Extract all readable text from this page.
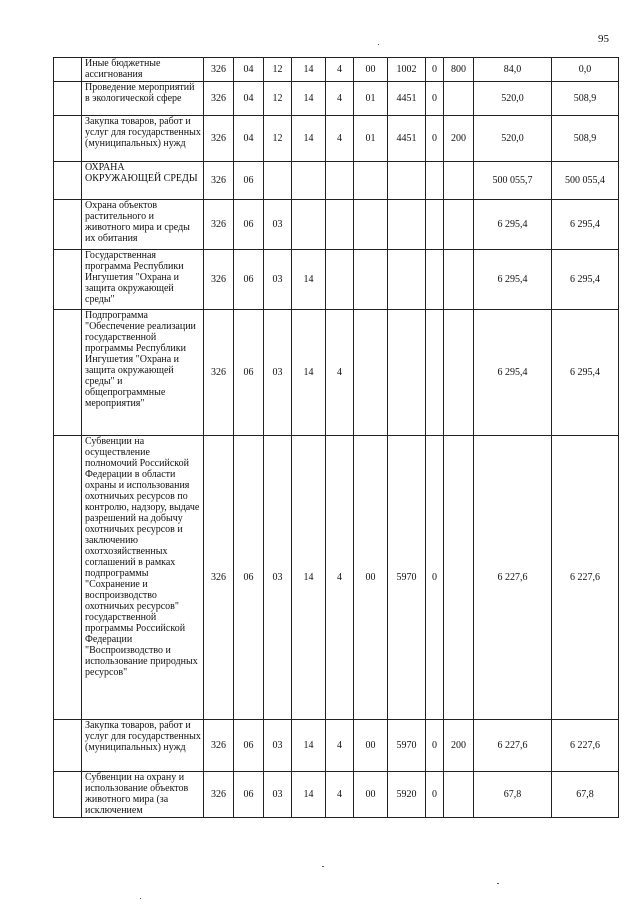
95
	Иные бюджетные ассигнования	326	04	12	14	4	00	1002	0	800	84,0	0,0
	Проведение мероприятий в экологической сфере	326	04	12	14	4	01	4451	0		520,0	508,9
	Закупка товаров, работ и услуг для государственных (муниципальных) нужд	326	04	12	14	4	01	4451	0	200	520,0	508,9
	ОХРАНА ОКРУЖАЮЩЕЙ СРЕДЫ	326	06								500 055,7	500 055,4
	Охрана объектов растительного и животного мира и среды их обитания	326	06	03							6 295,4	6 295,4
	Государственная программа Республики Ингушетия "Охрана и защита окружающей среды"	326	06	03	14						6 295,4	6 295,4
	Подпрограмма "Обеспечение реализации государственной программы Республики Ингушетия "Охрана и защита окружающей среды" и общепрограммные мероприятия"	326	06	03	14	4					6 295,4	6 295,4
	Субвенции на осуществление полномочий Российской Федерации в области охраны и использования охотничьих ресурсов по контролю, надзору, выдаче разрешений на добычу охотничьих ресурсов и заключению охотхозяйственных соглашений в рамках подпрограммы "Сохранение и воспроизводство охотничьих ресурсов" государственной программы Российской Федерации "Воспроизводство и использование природных ресурсов"	326	06	03	14	4	00	5970	0		6 227,6	6 227,6
	Закупка товаров, работ и услуг для государственных (муниципальных) нужд	326	06	03	14	4	00	5970	0	200	6 227,6	6 227,6
	Субвенции на охрану и использование объектов животного мира (за исключением	326	06	03	14	4	00	5920	0		67,8	67,8
